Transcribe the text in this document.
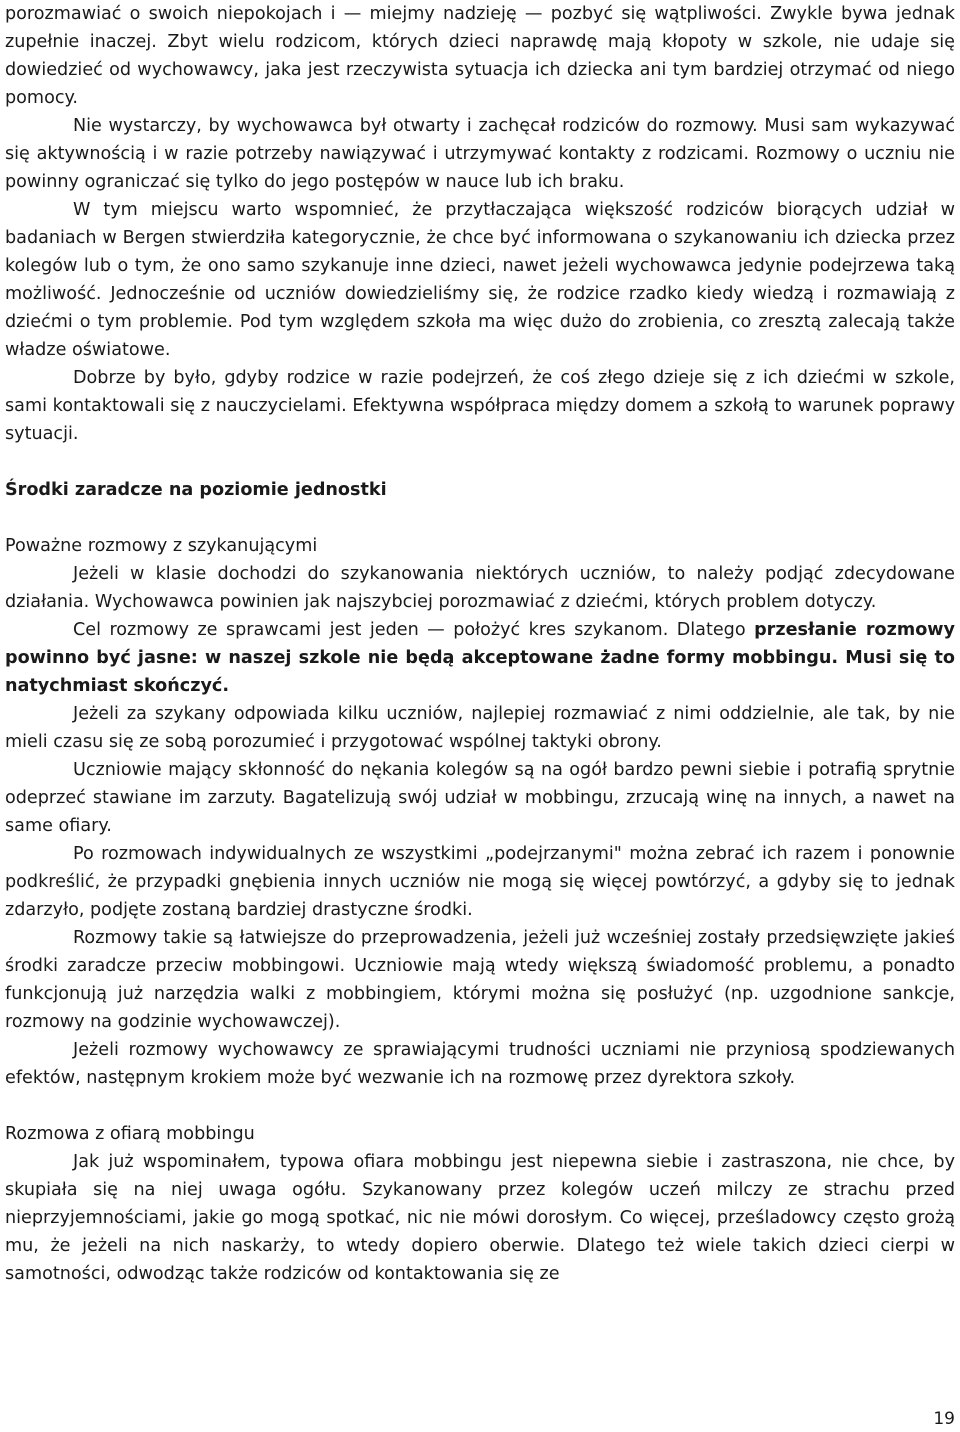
porozmawiać o swoich niepokojach i — miejmy nadzieję — pozbyć się wątpliwości. Zwykle bywa jednak zupełnie inaczej. Zbyt wielu rodzicom, których dzieci naprawdę mają kłopoty w szkole, nie udaje się dowiedzieć od wychowawcy, jaka jest rzeczywista sytuacja ich dziecka ani tym bardziej otrzymać od niego pomocy.

Nie wystarczy, by wychowawca był otwarty i zachęcał rodziców do rozmowy. Musi sam wykazywać się aktywnością i w razie potrzeby nawiązywać i utrzymywać kontakty z rodzicami. Rozmowy o uczniu nie powinny ograniczać się tylko do jego postępów w nauce lub ich braku.

W tym miejscu warto wspomnieć, że przytłaczająca większość rodziców biorących udział w badaniach w Bergen stwierdziła kategorycznie, że chce być informowana o szykanowaniu ich dziecka przez kolegów lub o tym, że ono samo szykanuje inne dzieci, nawet jeżeli wychowawca jedynie podejrzewa taką możliwość. Jednocześnie od uczniów dowiedzieliśmy się, że rodzice rzadko kiedy wiedzą i rozmawiają z dziećmi o tym problemie. Pod tym względem szkoła ma więc dużo do zrobienia, co zresztą zalecają także władze oświatowe.

Dobrze by było, gdyby rodzice w razie podejrzeń, że coś złego dzieje się z ich dziećmi w szkole, sami kontaktowali się z nauczycielami. Efektywna współpraca między domem a szkołą to warunek poprawy sytuacji.

Środki zaradcze na poziomie jednostki
Poważne rozmowy z szykanującymi

Jeżeli w klasie dochodzi do szykanowania niektórych uczniów, to należy podjąć zdecydowane działania. Wychowawca powinien jak najszybciej porozmawiać z dziećmi, których problem dotyczy.

Cel rozmowy ze sprawcami jest jeden — położyć kres szykanom. Dlatego przesłanie rozmowy powinno być jasne: w naszej szkole nie będą akceptowane żadne formy mobbingu. Musi się to natychmiast skończyć.

Jeżeli za szykany odpowiada kilku uczniów, najlepiej rozmawiać z nimi oddzielnie, ale tak, by nie mieli czasu się ze sobą porozumieć i przygotować wspólnej taktyki obrony.

Uczniowie mający skłonność do nękania kolegów są na ogół bardzo pewni siebie i potrafią sprytnie odeprzeć stawiane im zarzuty. Bagatelizują swój udział w mobbingu, zrzucają winę na innych, a nawet na same ofiary.

Po rozmowach indywidualnych ze wszystkimi „podejrzanymi" można zebrać ich razem i ponownie podkreślić, że przypadki gnębienia innych uczniów nie mogą się więcej powtórzyć, a gdyby się to jednak zdarzyło, podjęte zostaną bardziej drastyczne środki.

Rozmowy takie są łatwiejsze do przeprowadzenia, jeżeli już wcześniej zostały przedsięwzięte jakieś środki zaradcze przeciw mobbingowi. Uczniowie mają wtedy większą świadomość problemu, a ponadto funkcjonują już narzędzia walki z mobbingiem, którymi można się posłużyć (np. uzgodnione sankcje, rozmowy na godzinie wychowawczej).

Jeżeli rozmowy wychowawcy ze sprawiającymi trudności uczniami nie przyniosą spodziewanych efektów, następnym krokiem może być wezwanie ich na rozmowę przez dyrektora szkoły.

Rozmowa z ofiarą mobbingu

Jak już wspominałem, typowa ofiara mobbingu jest niepewna siebie i zastraszona, nie chce, by skupiała się na niej uwaga ogółu. Szykanowany przez kolegów uczeń milczy ze strachu przed nieprzyjemnościami, jakie go mogą spotkać, nic nie mówi dorosłym. Co więcej, prześladowcy często grożą mu, że jeżeli na nich naskarży, to wtedy dopiero oberwie. Dlatego też wiele takich dzieci cierpi w samotności, odwodząc także rodziców od kontaktowania się ze

19
